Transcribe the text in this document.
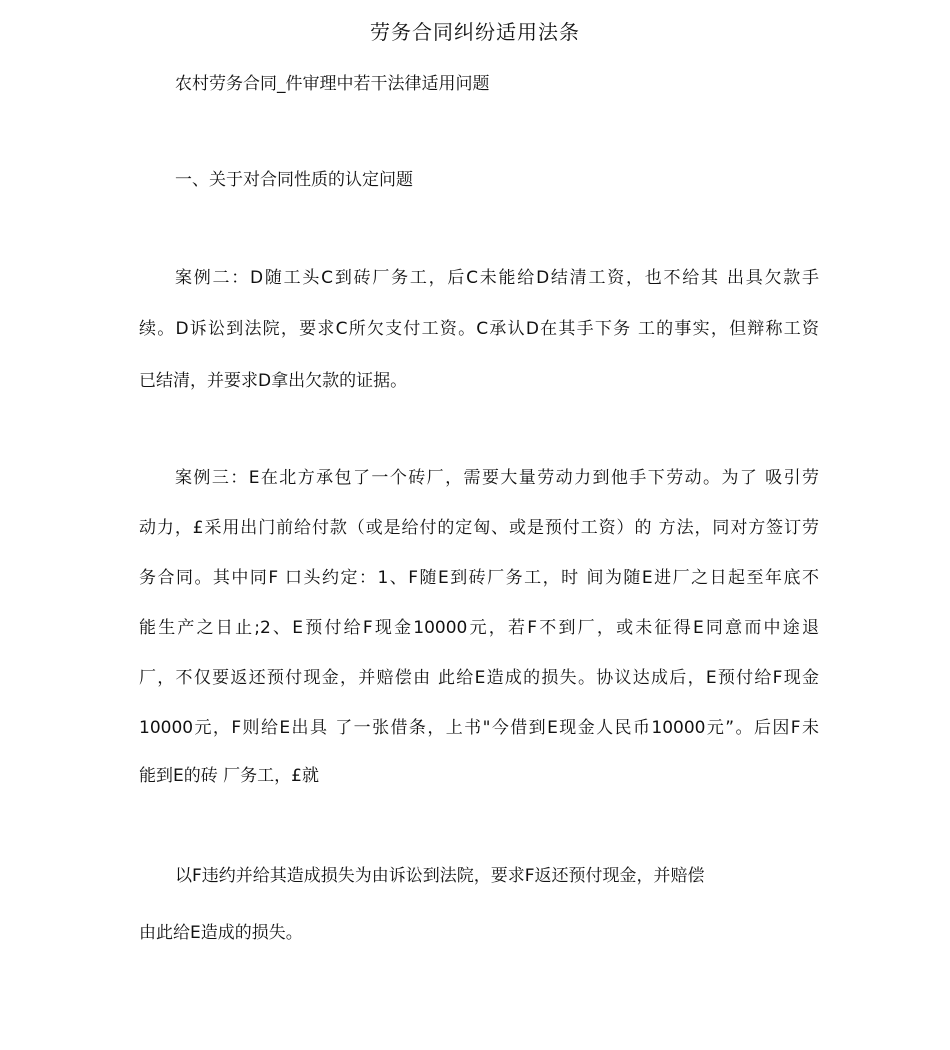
劳务合同纠纷适用法条
农村劳务合同_件审理中若干法律适用问题
一、关于对合同性质的认定问题
案例二：D随工头C到砖厂务工，后C未能给D结清工资，也不给其 出具欠款手
续。D诉讼到法院，要求C所欠支付工资。C承认D在其手下务 工的事实，但辩称工资
已结清，并要求D拿出欠款的证据。
案例三：E在北方承包了一个砖厂，需要大量劳动力到他手下劳动。为了 吸引劳
动力，£采用出门前给付款（或是给付的定匈、或是预付工资）的 方法，同对方签订劳
务合同。其中同F 口头约定：1、F随E到砖厂务工，时 间为随E进厂之日起至年底不
能生产之日止;2、E预付给F现金10000元，若F不到厂，或未征得E同意而中途退
厂，不仅要返还预付现金，并赔偿由 此给E造成的损失。协议达成后，E预付给F现金
10000元，F则给E出具 了一张借条，上书"今借到E现金人民币10000元”。后因F未
能到E的砖 厂务工，£就
以F违约并给其造成损失为由诉讼到法院，要求F返还预付现金，并赔偿
由此给E造成的损失。
